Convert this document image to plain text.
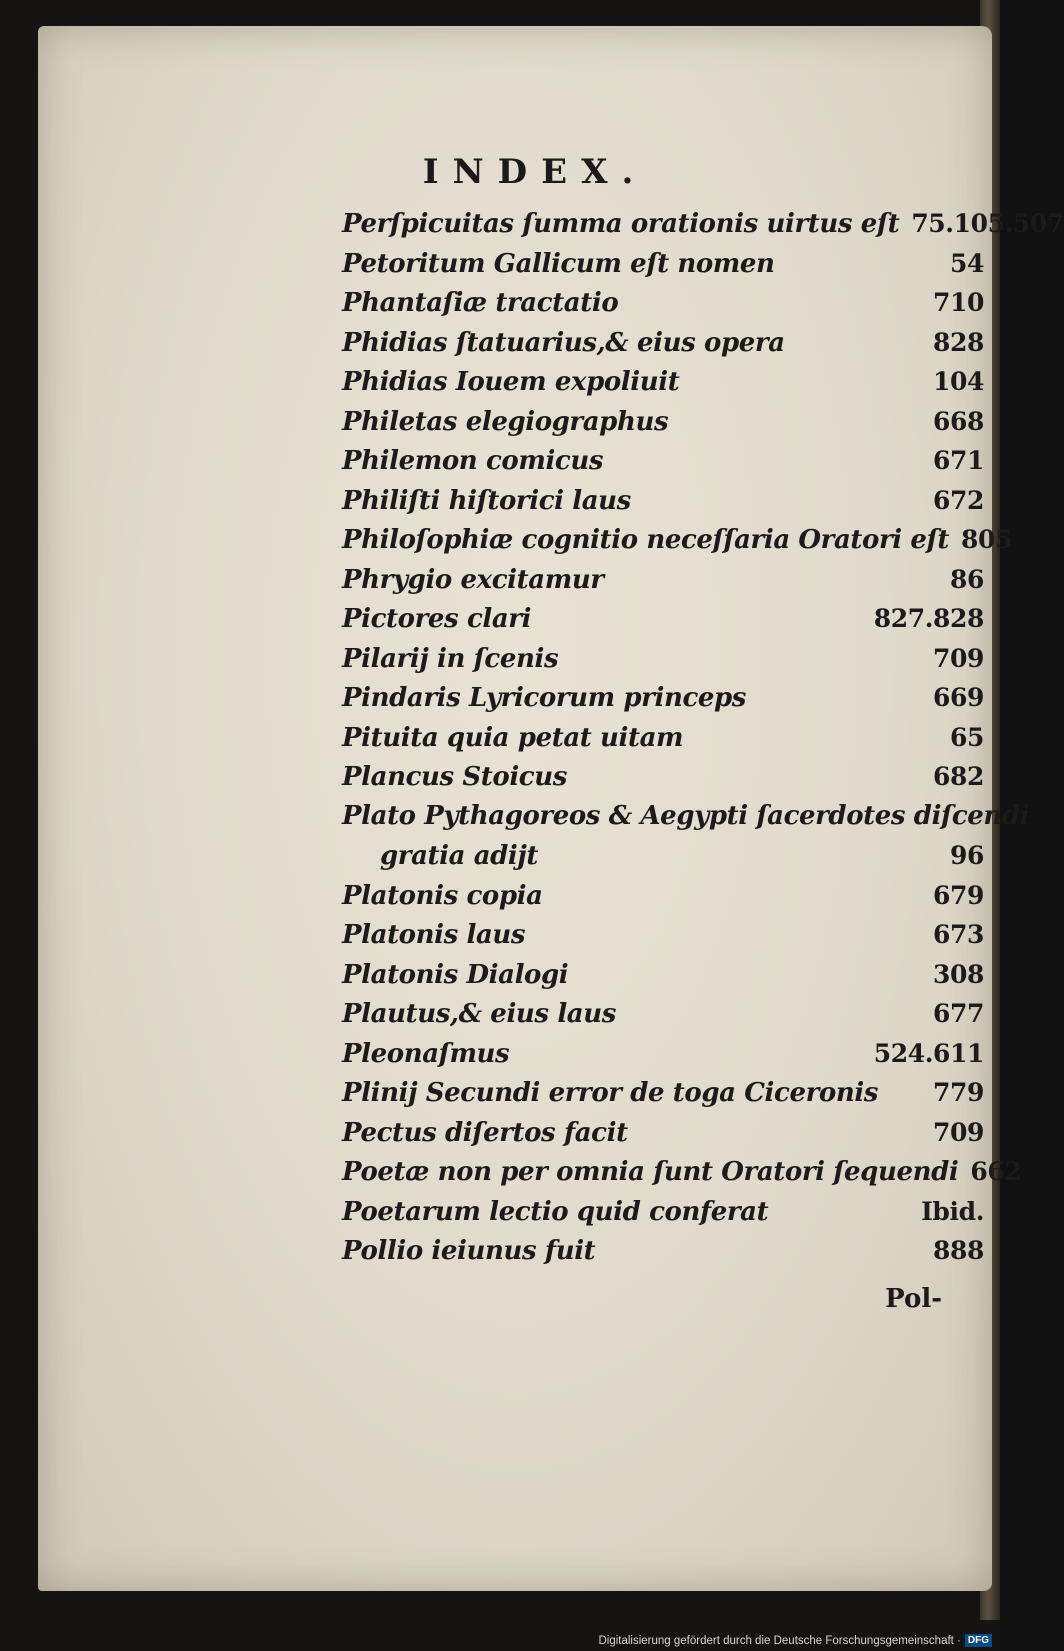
INDEX.
Perſpicuitas ſumma orationis uirtus eſt 75.105.507
Petoritum Gallicum eſt nomen	54
Phantaſiæ tractatio	710
Phidias ſtatuarius,& eius opera	828
Phidias Iouem expoliuit	104
Philetas elegiographus	668
Philemon comicus	671
Philiſti hiſtorici laus	672
Philoſophiæ cognitio neceſſaria Oratori eſt 805
Phrygio excitamur	86
Pictores clari	827.828
Pilarij in ſcenis	709
Pindaris Lyricorum princeps	669
Pituita quia petat uitam	65
Plancus Stoicus	682
Plato Pythagoreos & Aegypti ſacerdotes diſcendi
gratia adijt	96
Platonis copia	679
Platonis laus	673
Platonis Dialogi	308
Plautus,& eius laus	677
Pleonaſmus	524.611
Plinij Secundi error de toga Ciceronis	779
Pectus diſertos facit	709
Poetæ non per omnia ſunt Oratori ſequendi 662
Poetarum lectio quid conferat	Ibid.
Pollio ieiunus fuit	888
Pol-
Digitalisierung gefördert durch die Deutsche Forschungsgemeinschaft · DFG
